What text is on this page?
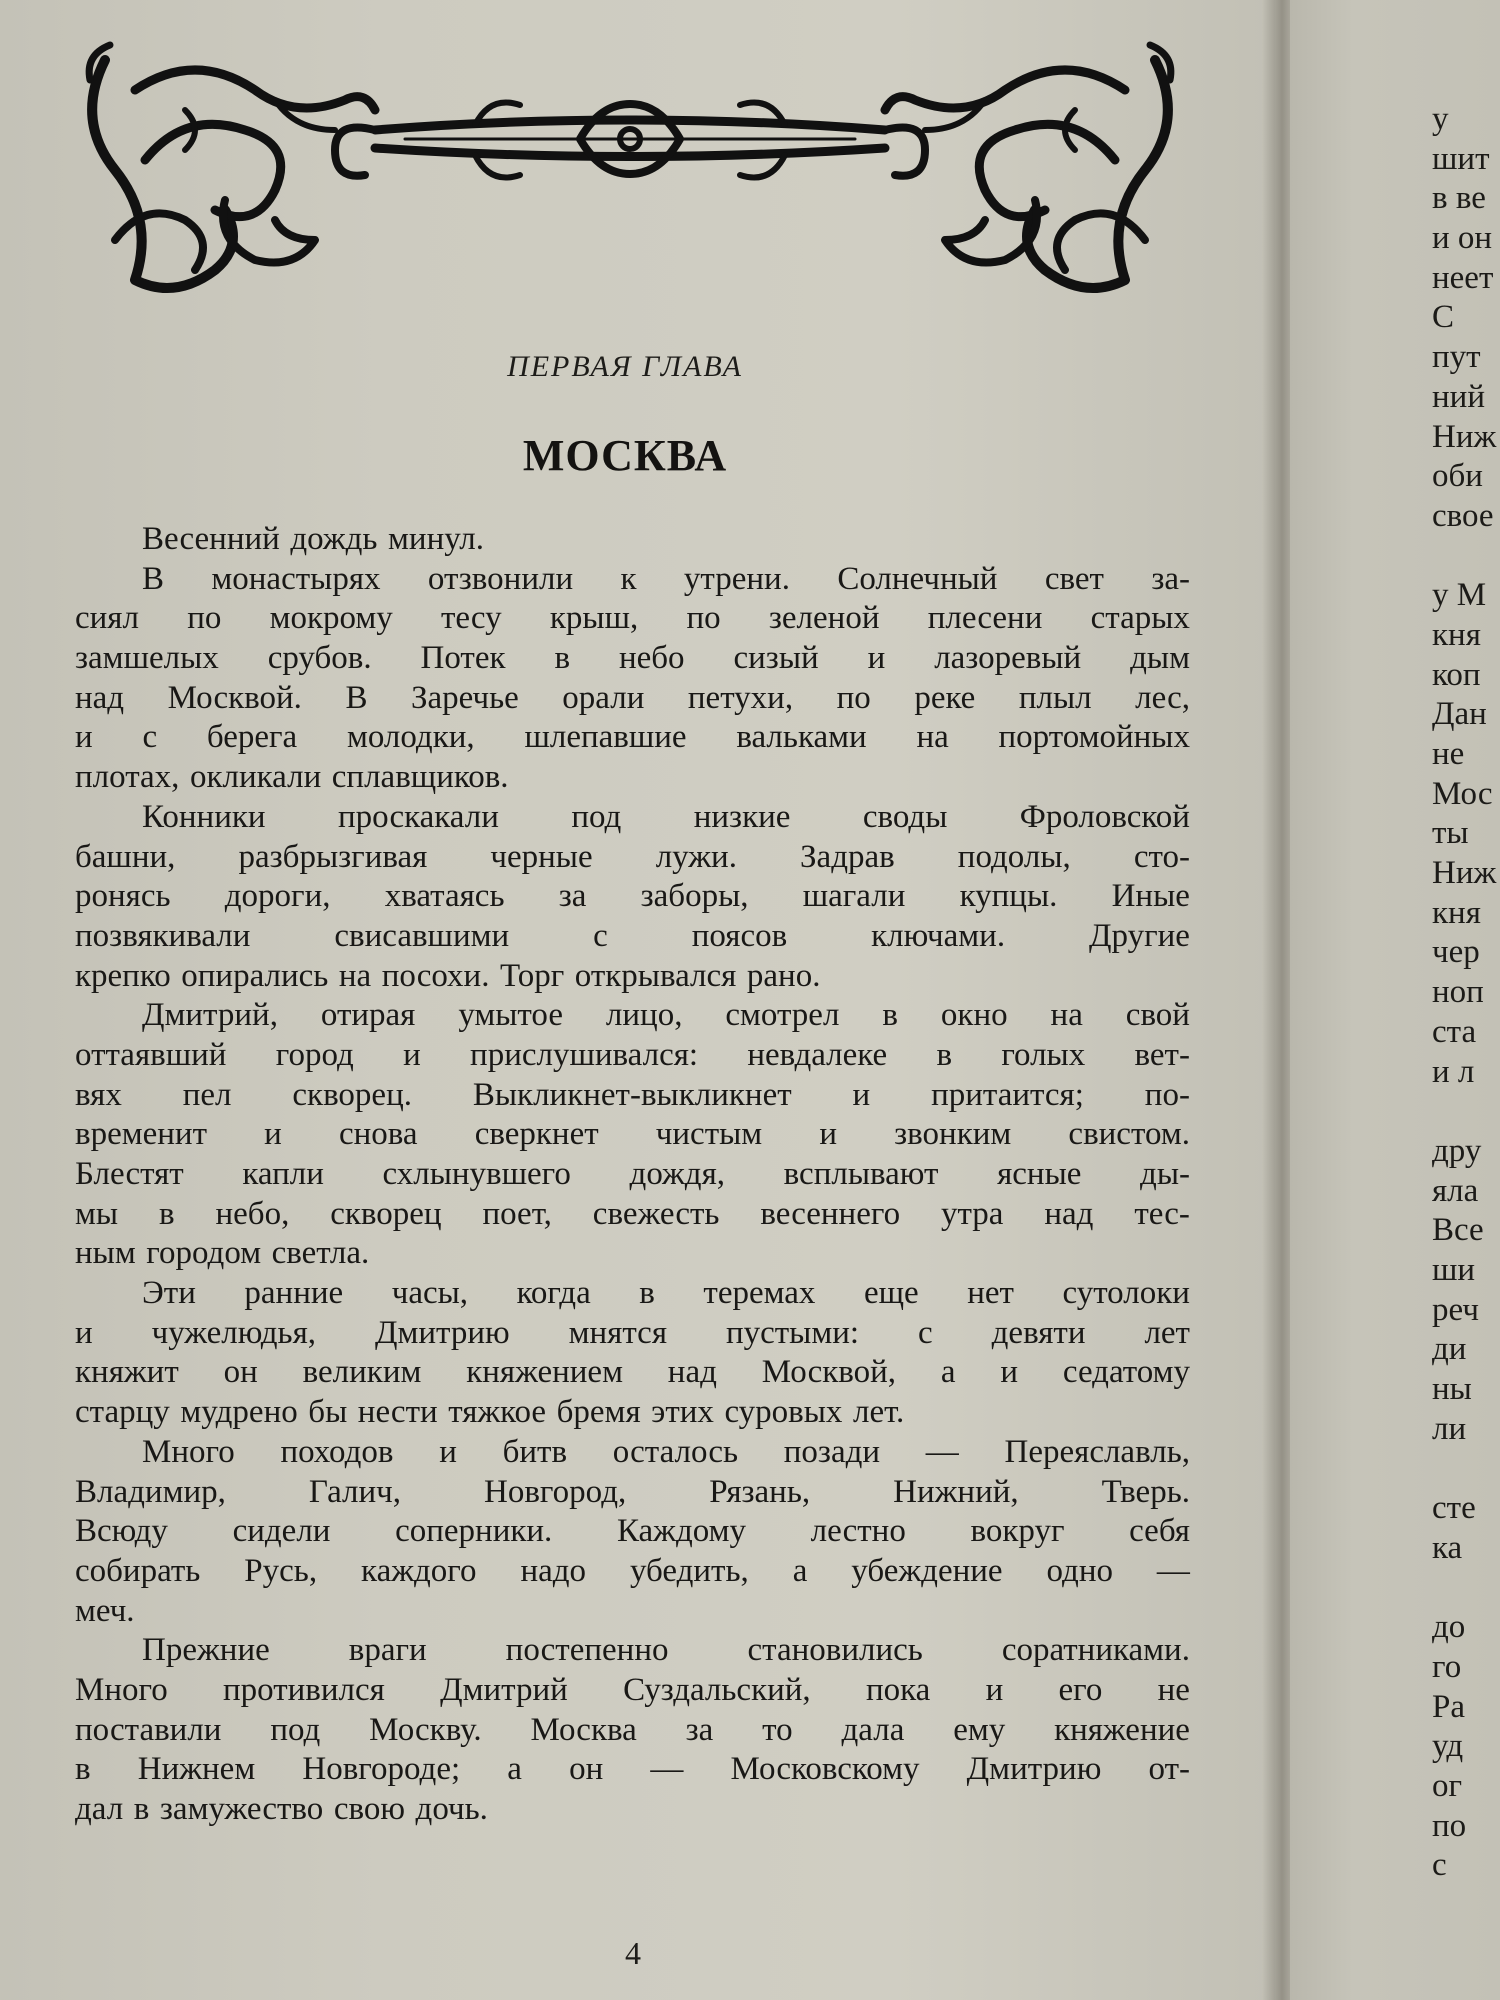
ПЕРВАЯ ГЛАВА
МОСКВА
Весенний дождь минул.
В монастырях отзвонили к утрени. Солнечный свет за-
сиял по мокрому тесу крыш, по зеленой плесени старых
замшелых срубов. Потек в небо сизый и лазоревый дым
над Москвой. В Заречье орали петухи, по реке плыл лес,
и с берега молодки, шлепавшие вальками на портомойных
плотах, окликали сплавщиков.
Конники проскакали под низкие своды Фроловской
башни, разбрызгивая черные лужи. Задрав подолы, сто-
ронясь дороги, хватаясь за заборы, шагали купцы. Иные
позвякивали	свисавшими	с	поясов	ключами.	Другие
крепко опирались на посохи. Торг открывался рано.
Дмитрий, отирая умытое лицо, смотрел в окно на свой
оттаявший город и прислушивался: невдалеке в голых вет-
вях пел скворец. Выкликнет-выкликнет и притаится; по-
временит и снова сверкнет чистым и звонким свистом.
Блестят капли схлынувшего дождя, всплывают ясные ды-
мы в небо, скворец поет, свежесть весеннего утра над тес-
ным городом светла.
Эти ранние часы, когда в теремах еще нет сутолоки
и чужелюдья, Дмитрию мнятся пустыми: с девяти лет
княжит он великим княжением над Москвой, а и седатому
старцу мудрено бы нести тяжкое бремя этих суровых лет.
Много походов и битв осталось позади — Переяславль,
Владимир,	Галич,	Новгород,	Рязань,	Нижний,	Тверь.
Всюду сидели соперники. Каждому лестно вокруг себя
собирать Русь, каждого надо убедить, а убеждение одно —
меч.
Прежние враги постепенно становились соратниками.
Много противился Дмитрий Суздальский, пока и его не
поставили под Москву. Москва за то дала ему княжение
в Нижнем Новгороде; а он — Московскому Дмитрию от-
дал в замужество свою дочь.
4
у
шит
в ве
и он
неет
С
пут
ний
Ниж
оби
свое
у М
кня
коп
Дан
не
Мос
ты
Ниж
кня
чер
ноп
ста
и л
дру
яла
Все
ши
реч
ди
ны
ли
сте
ка
до
го
Ра
уд
ог
по
с
